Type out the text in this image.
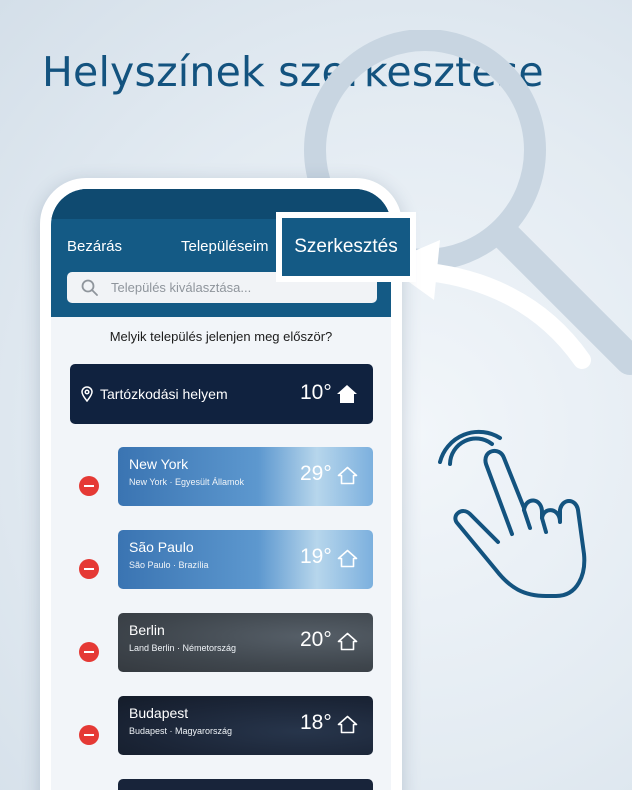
Helyszínek szerkesztése
Bezárás	Településeim
Település kiválasztása...
Melyik település jelenjen meg először?
Tartózkodási helyem	10°
New York
New York · Egyesült Államok	29°
São Paulo
São Paulo · Brazília	19°
Berlin
Land Berlin · Németország	20°
Budapest
Budapest · Magyarország	18°
Szerkesztés
